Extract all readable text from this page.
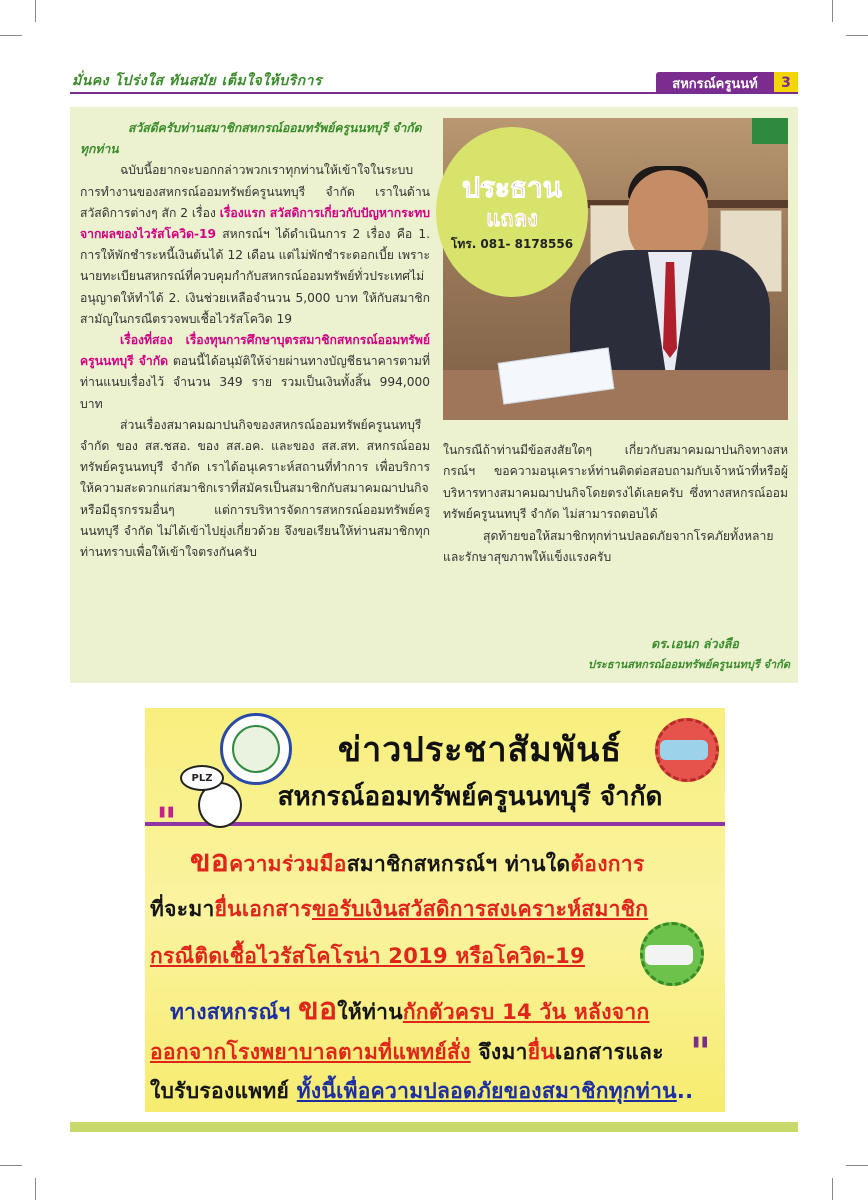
มั่นคง โปร่งใส ทันสมัย เต็มใจให้บริการ	สหกรณ์ครูนนท์	3

สวัสดีครับท่านสมาชิกสหกรณ์ออมทรัพย์ครูนนทบุรี จำกัด

ทุกท่าน

ฉบับนี้อยากจะบอกกล่าวพวกเราทุกท่านให้เข้าใจในระบบการทำงานของสหกรณ์ออมทรัพย์ครูนนทบุรี จำกัด เราในด้านสวัสดิการต่างๆ สัก 2 เรื่อง เรื่องแรก สวัสดิการเกี่ยวกับปัญหากระทบจากผลของไวรัสโควิด-19 สหกรณ์ฯ ได้ดำเนินการ 2 เรื่อง คือ 1. การให้พักชำระหนี้เงินต้นได้ 12 เดือน แต่ไม่พักชำระดอกเบี้ย เพราะนายทะเบียนสหกรณ์ที่ควบคุมกำกับสหกรณ์ออมทรัพย์ทั่วประเทศไม่อนุญาตให้ทำได้ 2. เงินช่วยเหลือจำนวน 5,000 บาท ให้กับสมาชิกสามัญในกรณีตรวจพบเชื้อไวรัสโควิด 19

เรื่องที่สอง เรื่องทุนการศึกษาบุตรสมาชิกสหกรณ์ออมทรัพย์ครูนนทบุรี จำกัด ตอนนี้ได้อนุมัติให้จ่ายผ่านทางบัญชีธนาคารตามที่ท่านแนบเรื่องไว้ จำนวน 349 ราย รวมเป็นเงินทั้งสิ้น 994,000 บาท

ส่วนเรื่องสมาคมฌาปนกิจของสหกรณ์ออมทรัพย์ครูนนทบุรี จำกัด ของ สส.ชสอ. ของ สส.อค. และของ สส.สท. สหกรณ์ออมทรัพย์ครูนนทบุรี จำกัด เราได้อนุเคราะห์สถานที่ทำการ เพื่อบริการให้ความสะดวกแก่สมาชิกเราที่สมัครเป็นสมาชิกกับสมาคมฌาปนกิจหรือมีธุรกรรมอื่นๆ แต่การบริหารจัดการสหกรณ์ออมทรัพย์ครูนนทบุรี จำกัด ไม่ได้เข้าไปยุ่งเกี่ยวด้วย จึงขอเรียนให้ท่านสมาชิกทุกท่านทราบเพื่อให้เข้าใจตรงกันครับ

ประธาน
แถลง
โทร. 081- 8178556

ในกรณีถ้าท่านมีข้อสงสัยใดๆ เกี่ยวกับสมาคมฌาปนกิจทางสหกรณ์ฯ ขอความอนุเคราะห์ท่านติดต่อสอบถามกับเจ้าหน้าที่หรือผู้บริหารทางสมาคมฌาปนกิจโดยตรงได้เลยครับ ซึ่งทางสหกรณ์ออมทรัพย์ครูนนทบุรี จำกัด ไม่สามารถตอบได้

สุดท้ายขอให้สมาชิกทุกท่านปลอดภัยจากโรคภัยทั้งหลาย และรักษาสุขภาพให้แข็งแรงครับ

ดร.เอนก ล่วงลือ
ประธานสหกรณ์ออมทรัพย์ครูนนทบุรี จำกัด
ข่าวประชาสัมพันธ์
สหกรณ์ออมทรัพย์ครูนนทบุรี จำกัด
PLZ
"
ขอความร่วมมือสมาชิกสหกรณ์ฯ ท่านใดต้องการ
ที่จะมายื่นเอกสารขอรับเงินสวัสดิการสงเคราะห์สมาชิก
กรณีติดเชื้อไวรัสโคโรน่า 2019 หรือโควิด-19
ทางสหกรณ์ฯ ขอให้ท่านกักตัวครบ 14 วัน หลังจาก
ออกจากโรงพยาบาลตามที่แพทย์สั่ง จึงมายื่นเอกสารและ
ใบรับรองแพทย์ ทั้งนี้เพื่อความปลอดภัยของสมาชิกทุกท่าน..
"
